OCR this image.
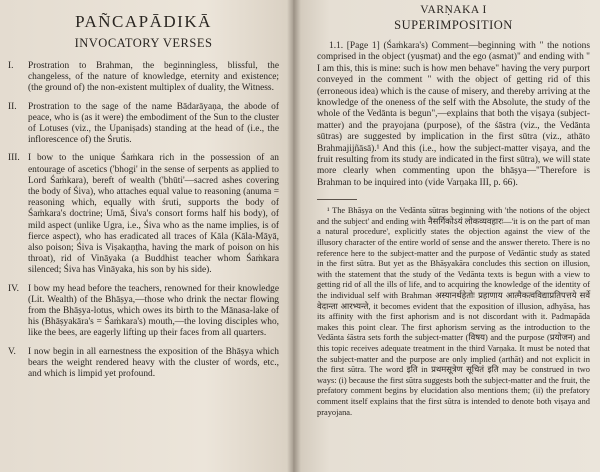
PAÑCAPĀDIKĀ
INVOCATORY VERSES
I.	Prostration to Brahman, the beginningless, blissful, the changeless, of the nature of knowledge, eternity and existence; (the ground of) the non-existent multiplex of duality, the Witness.
II.	Prostration to the sage of the name Bādarāyaṇa, the abode of peace, who is (as it were) the embodiment of the Sun to the cluster of Lotuses (viz., the Upaniṣads) standing at the head of (i.e., the inflorescence of) the Śrutis.
III. I bow to the unique Śaṁkara rich in the possession of an entourage of ascetics ('bhogi' in the sense of serpents as applied to Lord Śaṁkara), bereft of wealth ('bhūti'—sacred ashes covering the body of Śiva), who attaches equal value to reasoning (anuma = reasoning which, equally with śruti, supports the body of Śaṁkara's doctrine; Umā, Śiva's consort forms half his body), of mild aspect (unlike Ugra, i.e., Śiva who as the name implies, is of fierce aspect), who has eradicated all traces of Kāla (Kāla-Māyā, also poison; Śiva is Viṣakaṇṭha, having the mark of poison on his throat), rid of Vināyaka (a Buddhist teacher whom Śaṁkara silenced; Śiva has Vināyaka, his son by his side).
IV. I bow my head before the teachers, renowned for their knowledge (Lit. Wealth) of the Bhāṣya,—those who drink the nectar flowing from the Bhāṣya-lotus, which owes its birth to the Mānasa-lake of his (Bhāṣyakāra's = Śaṁkara's) mouth,—the loving disciples who, like the bees, are eagerly lifting up their faces from all quarters.
V.	I now begin in all earnestness the exposition of the Bhāṣya which bears the weight rendered heavy with the cluster of words, etc., and which is limpid yet profound.
VARṆAKA I
SUPERIMPOSITION

1.1. [Page 1] (Śaṁkara's) Comment—beginning with " the notions comprised in the object (yuṣmat) and the ego (asmat)" and ending with " I am this, this is mine: such is how men behave" having the very purport conveyed in the comment " with the object of getting rid of this (erroneous idea) which is the cause of misery, and thereby arriving at the knowledge of the oneness of the self with the Absolute, the study of the whole of the Vedānta is begun",—explains that both the viṣaya (subject-matter) and the prayojana (purpose), of the śāstra (viz., the Vedānta sūtras) are suggested by implication in the first sūtra (viz., athāto Brahmajijñāsā).¹ And this (i.e., how the subject-matter viṣaya, and the fruit resulting from its study are indicated in the first sūtra), we will state more clearly when commenting upon the bhāṣya—"Therefore is Brahman to be inquired into (vide Varṇaka III, p. 66).

¹ The Bhāṣya on the Vedānta sūtras beginning with 'the notions of the object and the subject' and ending with नैसर्गिकोऽयं लोकव्यवहारः—'it is on the part of man a natural procedure', explicitly states the objection against the view of the illusory character of the entire world of sense and the answer thereto. There is no reference here to the subject-matter and the purpose of Vedāntic study as stated in the first sūtra. But yet as the Bhāṣyakāra concludes this section on illusion, with the statement that the study of the Vedānta texts is begun with a view to getting rid of all the ills of life, and to acquiring the knowledge of the identity of the individual self with Brahman अस्यानर्थहेतोः प्रहाणाय आत्मैकत्वविद्याप्रतिपत्तये सर्वे वेदान्ता आरभ्यन्ते, it becomes evident that the exposition of illusion, adhyāsa, has its affinity with the first aphorism and is not discordant with it. Padmapāda makes this point clear. The first aphorism serving as the introduction to the Vedānta śāstra sets forth the subject-matter (विषय) and the purpose (प्रयोजन) and this topic receives adequate treatment in the third Varṇaka. It must be noted that the subject-matter and the purpose are only implied (arthāt) and not explicit in the first sūtra. The word इति in प्रथमसूत्रेण सूचितं इति may be construed in two ways: (i) because the first sūtra suggests both the subject-matter and the fruit, the prefatory comment begins by elucidation also mentions them; (ii) the prefatory comment itself explains that the first sūtra is intended to denote both viṣaya and prayojana.
